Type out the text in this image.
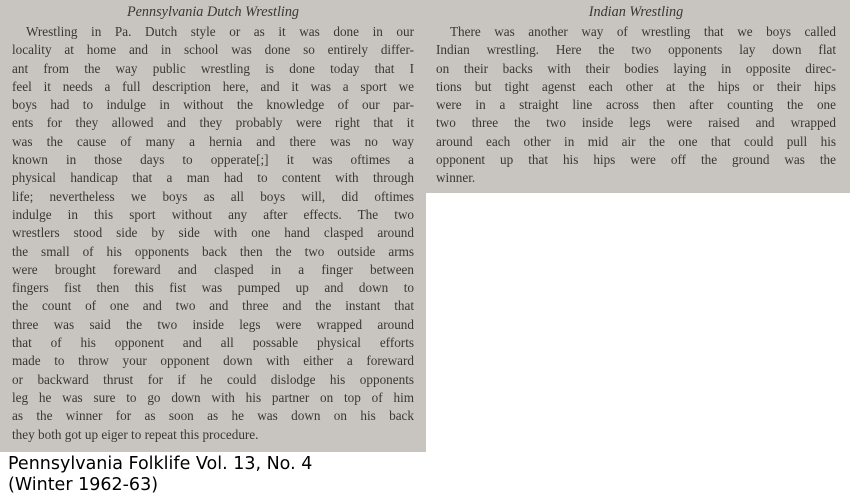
Pennsylvania Dutch Wrestling
Wrestling in Pa. Dutch style or as it was done in our
locality at home and in school was done so entirely differ-
ant from the way public wrestling is done today that I
feel it needs a full description here, and it was a sport we
boys had to indulge in without the knowledge of our par-
ents for they allowed and they probably were right that it
was the cause of many a hernia and there was no way
known in those days to opperate[;] it was oftimes a
physical handicap that a man had to content with through
life; nevertheless we boys as all boys will, did oftimes
indulge in this sport without any after effects. The two
wrestlers stood side by side with one hand clasped around
the small of his opponents back then the two outside arms
were brought foreward and clasped in a finger between
fingers fist then this fist was pumped up and down to
the count of one and two and three and the instant that
three was said the two inside legs were wrapped around
that of his opponent and all possable physical efforts
made to throw your opponent down with either a foreward
or backward thrust for if he could dislodge his opponents
leg he was sure to go down with his partner on top of him
as the winner for as soon as he was down on his back
they both got up eiger to repeat this procedure.
Indian Wrestling
There was another way of wrestling that we boys called
Indian wrestling. Here the two opponents lay down flat
on their backs with their bodies laying in opposite direc-
tions but tight agenst each other at the hips or their hips
were in a straight line across then after counting the one
two three the two inside legs were raised and wrapped
around each other in mid air the one that could pull his
opponent up that his hips were off the ground was the
winner.
Pennsylvania Folklife Vol. 13, No. 4
(Winter 1962-63)
